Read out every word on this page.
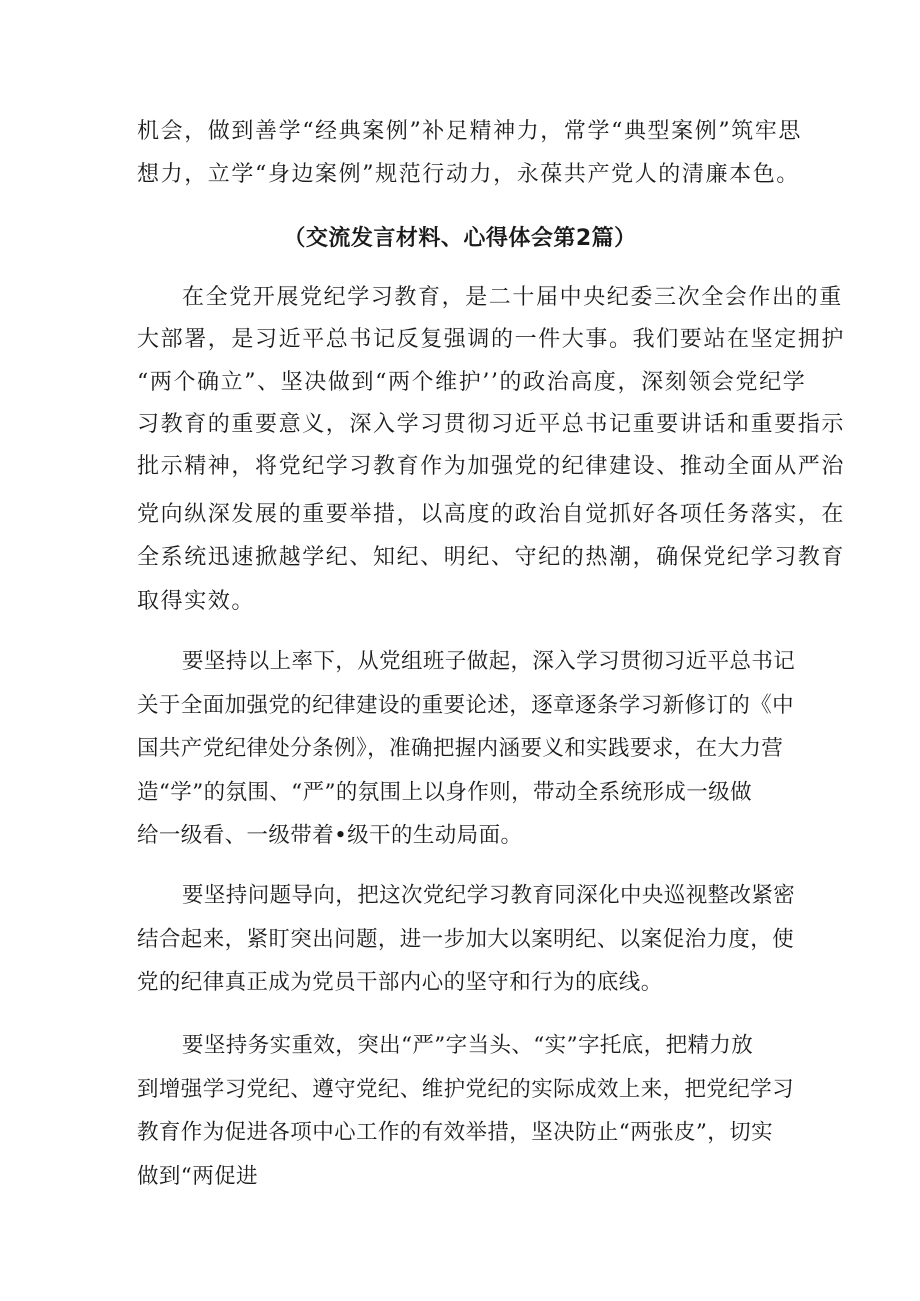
机会，做到善学“经典案例”补足精神力，常学“典型案例”筑牢思

想力，立学“身边案例”规范行动力，永葆共产党人的清廉本色。

（交流发言材料、心得体会第2篇）

在全党开展党纪学习教育，是二十届中央纪委三次全会作出的重

大部署，是习近平总书记反复强调的一件大事。我们要站在坚定拥护

“两个确立”、坚决做到“两个维护’’的政治高度，深刻领会党纪学

习教育的重要意义，深入学习贯彻习近平总书记重要讲话和重要指示

批示精神，将党纪学习教育作为加强党的纪律建设、推动全面从严治

党向纵深发展的重要举措，以高度的政治自觉抓好各项任务落实，在

全系统迅速掀越学纪、知纪、明纪、守纪的热潮，确保党纪学习教育

取得实效。

要坚持以上率下，从党组班子做起，深入学习贯彻习近平总书记

关于全面加强党的纪律建设的重要论述，逐章逐条学习新修订的《中

国共产党纪律处分条例》，准确把握内涵要义和实践要求，在大力营

造“学”的氛围、“严”的氛围上以身作则，带动全系统形成一级做

给一级看、一级带着•级干的生动局面。

要坚持问题导向，把这次党纪学习教育同深化中央巡视整改紧密

结合起来，紧盯突出问题，进一步加大以案明纪、以案促治力度，使

党的纪律真正成为党员干部内心的坚守和行为的底线。

要坚持务实重效，突出“严”字当头、“实”字托底，把精力放

到增强学习党纪、遵守党纪、维护党纪的实际成效上来，把党纪学习

教育作为促进各项中心工作的有效举措，坚决防止“两张皮”，切实

做到“两促进
